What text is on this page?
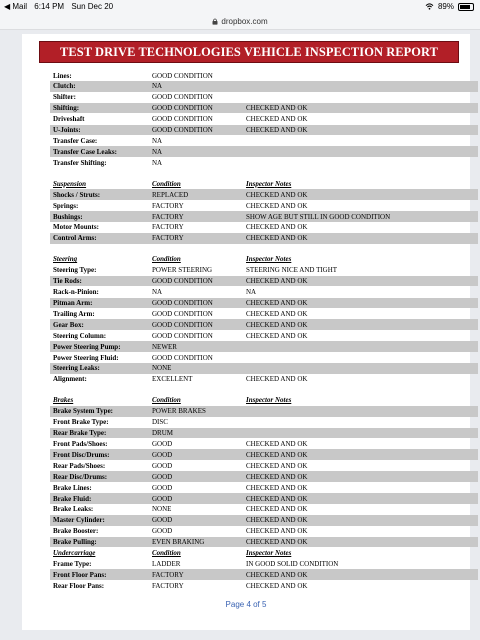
◀ Mail 6:14 PM Sun Dec 20	89%
dropbox.com
TEST DRIVE TECHNOLOGIES VEHICLE INSPECTION REPORT
Lines:	GOOD CONDITION
Clutch:	NA
Shifter:	GOOD CONDITION
Shifting:	GOOD CONDITION	CHECKED AND OK
Driveshaft	GOOD CONDITION	CHECKED AND OK
U-Joints:	GOOD CONDITION	CHECKED AND OK
Transfer Case:	NA
Transfer Case Leaks:	NA
Transfer Shifting:	NA
Suspension	Condition	Inspector Notes
Shocks / Struts:	REPLACED	CHECKED AND OK
Springs:	FACTORY	CHECKED AND OK
Bushings:	FACTORY	SHOW AGE BUT STILL IN GOOD CONDITION
Motor Mounts:	FACTORY	CHECKED AND OK
Control Arms:	FACTORY	CHECKED AND OK
Steering	Condition	Inspector Notes
Steering Type:	POWER STEERING	STEERING NICE AND TIGHT
Tie Rods:	GOOD CONDITION	CHECKED AND OK
Rack-n-Pinion:	NA	NA
Pitman Arm:	GOOD CONDITION	CHECKED AND OK
Trailing Arm:	GOOD CONDITION	CHECKED AND OK
Gear Box:	GOOD CONDITION	CHECKED AND OK
Steering Column:	GOOD CONDITION	CHECKED AND OK
Power Steering Pump:	NEWER
Power Steering Fluid:	GOOD CONDITION
Steering Leaks:	NONE
Alignment:	EXCELLENT	CHECKED AND OK
Brakes	Condition	Inspector Notes
Brake System Type:	POWER BRAKES
Front Brake Type:	DISC
Rear Brake Type:	DRUM
Front Pads/Shoes:	GOOD	CHECKED AND OK
Front Disc/Drums:	GOOD	CHECKED AND OK
Rear Pads/Shoes:	GOOD	CHECKED AND OK
Rear Disc/Drums:	GOOD	CHECKED AND OK
Brake Lines:	GOOD	CHECKED AND OK
Brake Fluid:	GOOD	CHECKED AND OK
Brake Leaks:	NONE	CHECKED AND OK
Master Cylinder:	GOOD	CHECKED AND OK
Brake Booster:	GOOD	CHECKED AND OK
Brake Pulling:	EVEN BRAKING	CHECKED AND OK
Undercarriage	Condition	Inspector Notes
Frame Type:	LADDER	IN GOOD SOLID CONDITION
Front Floor Pans:	FACTORY	CHECKED AND OK
Rear Floor Pans:	FACTORY	CHECKED AND OK
Page 4 of 5
